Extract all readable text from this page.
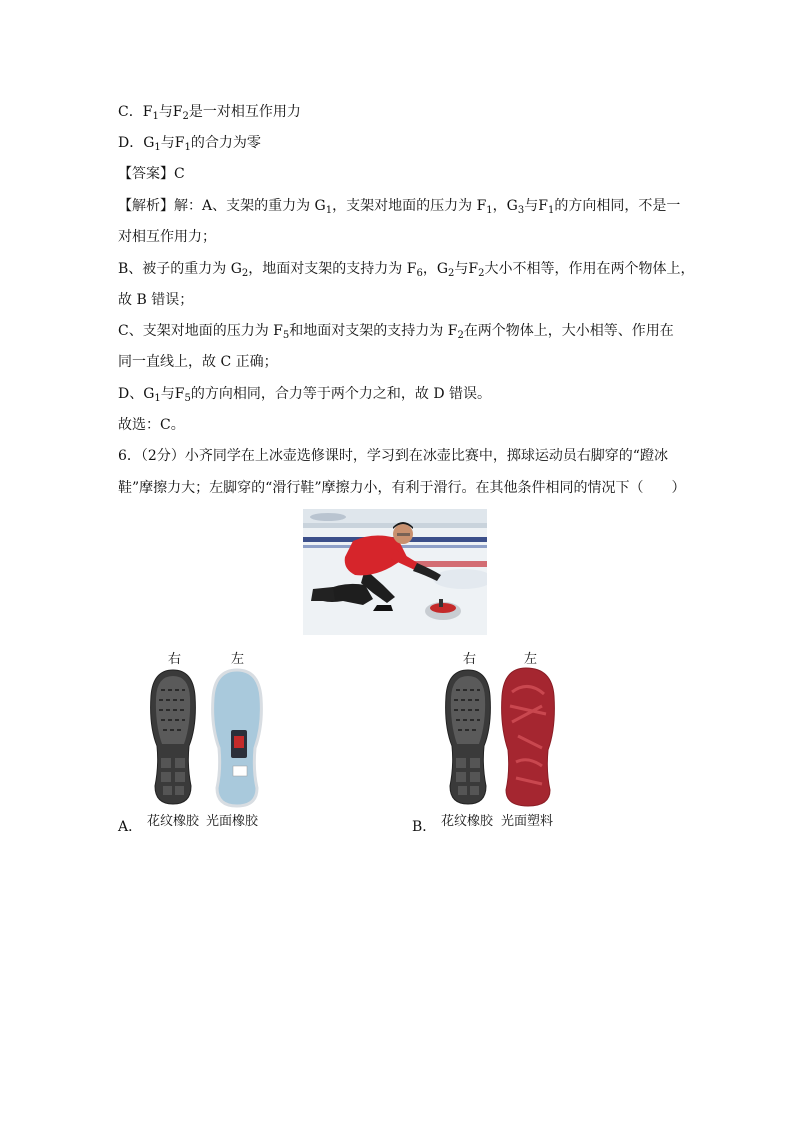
C．$F_1$与$F_2$是一对相互作用力
D．$G_1$与$F_1$的合力为零
【答案】C
【解析】解：A、支架的重力为 $G_1$，支架对地面的压力为 $F_1$，$G_3$与$F_1$的方向相同，不是一
对相互作用力；
B、被子的重力为 $G_2$，地面对支架的支持力为 $F_6$，$G_2$与$F_2$大小不相等，作用在两个物体上，
故 B 错误；
C、支架对地面的压力为 $F_5$和地面对支架的支持力为 $F_2$在两个物体上，大小相等、作用在
同一直线上，故 C 正确；
D、$G_1$与$F_5$的方向相同，合力等于两个力之和，故 D 错误。
故选：C。
6．（2分）小齐同学在上冰壶选修课时，学习到在冰壶比赛中，掷球运动员右脚穿的“蹬冰
鞋”摩擦力大；左脚穿的“滑行鞋”摩擦力小，有利于滑行。在其他条件相同的情况下（　　）
右	左
A． 花纹橡胶 光面橡胶
右	左
B． 花纹橡胶 光面塑料
